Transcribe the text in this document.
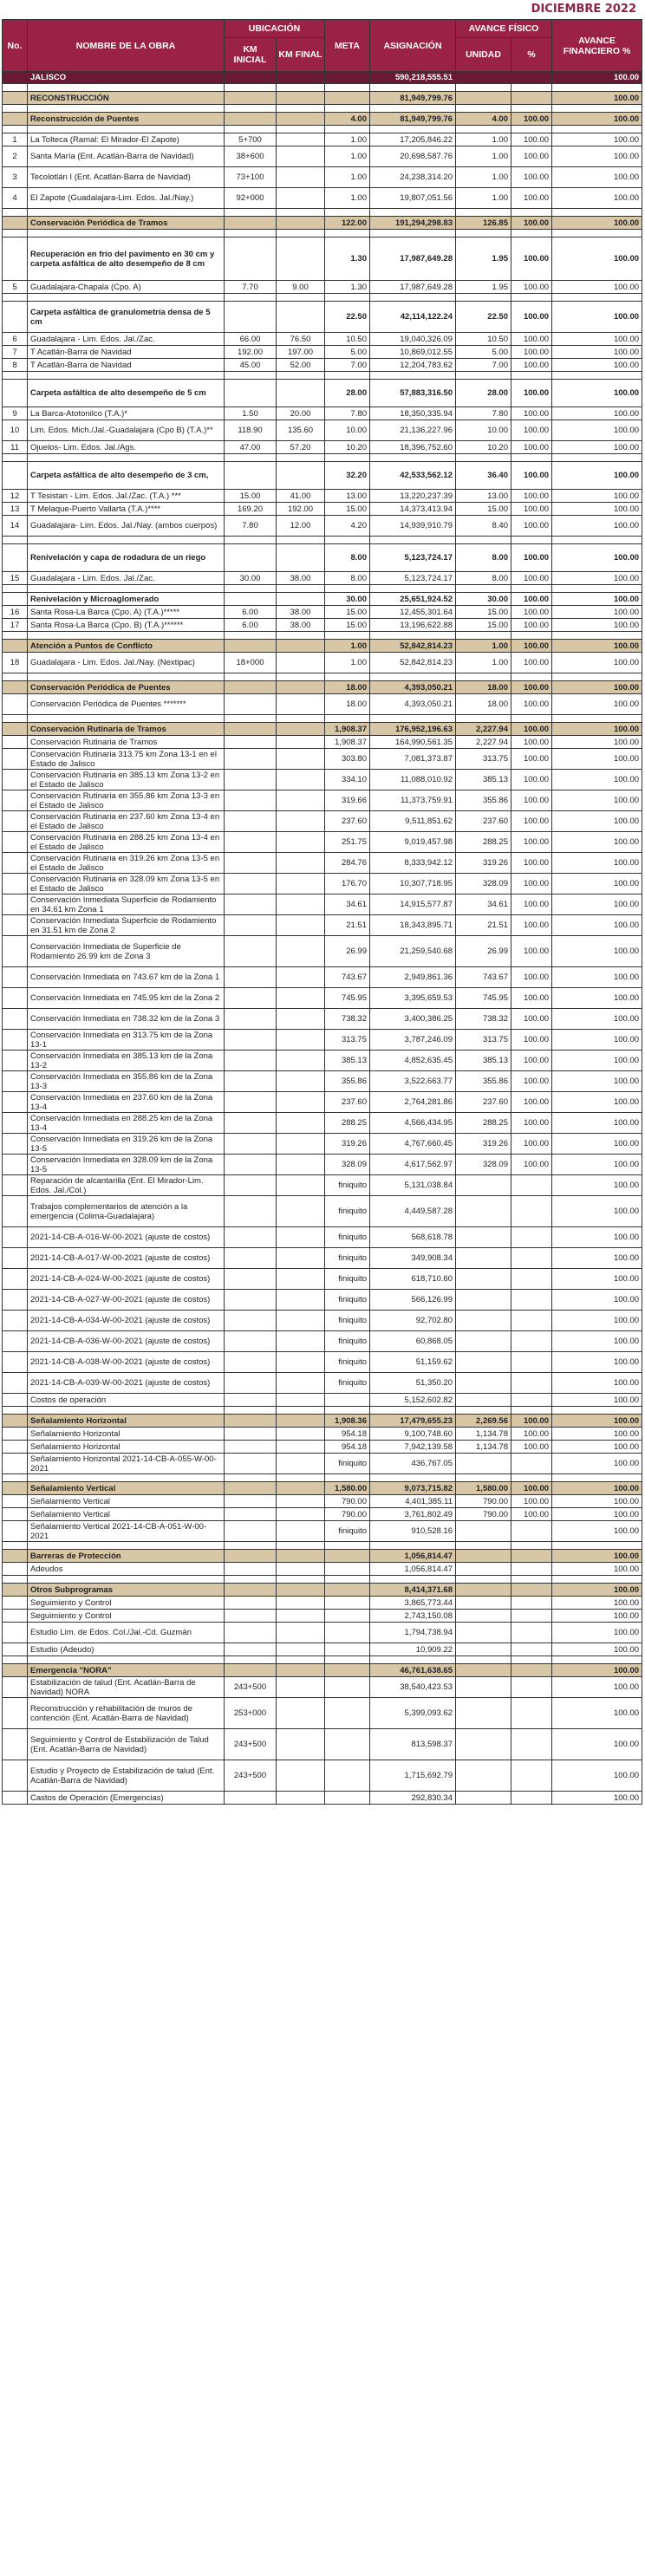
DICIEMBRE 2022
No.	NOMBRE DE LA OBRA	UBICACIÓN		META	ASIGNACIÓN	AVANCE FÍSICO		AVANCE FINANCIERO %
		KM INICIAL	KM FINAL			UNIDAD	%	
	JALISCO				590,218,555.51			100.00

	RECONSTRUCCIÓN				81,949,799.76			100.00

	Reconstrucción de Puentes			4.00	81,949,799.76	4.00	100.00	100.00

1	La Tolteca (Ramal: El Mirador-El Zapote)	5+700		1.00	17,205,846.22	1.00	100.00	100.00
2	Santa María (Ent. Acatlán-Barra de Navidad)	38+600		1.00	20,698,587.76	1.00	100.00	100.00
3	Tecolotlán I (Ent. Acatlán-Barra de Navidad)	73+100		1.00	24,238,314.20	1.00	100.00	100.00
4	El Zapote (Guadalajara-Lim. Edos. Jal./Nay.)	92+000		1.00	19,807,051.56	1.00	100.00	100.00

	Conservación Periódica de Tramos			122.00	191,294,298.83	126.85	100.00	100.00

	Recuperación en frío del pavimento en 30 cm y carpeta asfáltica de alto desempeño de 8 cm			1.30	17,987,649.28	1.95	100.00	100.00
5	Guadalajara-Chapala (Cpo. A)	7.70	9.00	1.30	17,987,649.28	1.95	100.00	100.00

	Carpeta asfáltica de granulometría densa de 5 cm			22.50	42,114,122.24	22.50	100.00	100.00
6	Guadalajara - Lim. Edos. Jal./Zac.	66.00	76.50	10.50	19,040,326.09	10.50	100.00	100.00
7	T Acatlán-Barra de Navidad	192.00	197.00	5.00	10,869,012.55	5.00	100.00	100.00
8	T Acatlán-Barra de Navidad	45.00	52.00	7.00	12,204,783.62	7.00	100.00	100.00

	Carpeta asfáltica de alto desempeño de 5 cm			28.00	57,883,316.50	28.00	100.00	100.00
9	La Barca-Atotonilco (T.A.)*	1.50	20.00	7.80	18,350,335.94	7.80	100.00	100.00
10	Lim. Edos. Mich./Jal.-Guadalajara (Cpo B) (T.A.)**	118.90	135.60	10.00	21,136,227.96	10.00	100.00	100.00
11	Ojuelos- Lim. Edos. Jal./Ags.	47.00	57.20	10.20	18,396,752.60	10.20	100.00	100.00

	Carpeta asfáltica de alto desempeño de 3 cm,			32.20	42,533,562.12	36.40	100.00	100.00
12	T Tesistan - Lim. Edos. Jal./Zac. (T.A.) ***	15.00	41.00	13.00	13,220,237.39	13.00	100.00	100.00
13	T Melaque-Puerto Vallarta (T.A.)****	169.20	192.00	15.00	14,373,413.94	15.00	100.00	100.00
14	Guadalajara- Lim. Edos. Jal./Nay. (ambos cuerpos)	7.80	12.00	4.20	14,939,910.79	8.40	100.00	100.00

	Renivelación y capa de rodadura de un riego			8.00	5,123,724.17	8.00	100.00	100.00
15	Guadalajara - Lim. Edos. Jal./Zac.	30.00	38.00	8.00	5,123,724.17	8.00	100.00	100.00

	Renivelación y Microaglomerado			30.00	25,651,924.52	30.00	100.00	100.00
16	Santa Rosa-La Barca (Cpo. A) (T.A.)*****	6.00	38.00	15.00	12,455,301.64	15.00	100.00	100.00
17	Santa Rosa-La Barca (Cpo. B) (T.A.)******	6.00	38.00	15.00	13,196,622.88	15.00	100.00	100.00

	Atención a Puntos de Conflicto			1.00	52,842,814.23	1.00	100.00	100.00
18	Guadalajara - Lim. Edos. Jal./Nay. (Nextipac)	18+000		1.00	52,842,814.23	1.00	100.00	100.00

	Conservación Periódica de Puentes			18.00	4,393,050.21	18.00	100.00	100.00
	Conservación Periódica de Puentes *******			18.00	4,393,050.21	18.00	100.00	100.00

	Conservación Rutinaria de Tramos			1,908.37	176,952,196.63	2,227.94	100.00	100.00
	Conservación Rutinaria de Tramos			1,908.37	164,990,561.35	2,227.94	100.00	100.00
	Conservación Rutinaria 313.75 km Zona 13-1 en el Estado de Jalisco			303.80	7,081,373.87	313.75	100.00	100.00
	Conservación Rutinaria en 385.13 km Zona 13-2 en el Estado de Jalisco			334.10	11,088,010.92	385.13	100.00	100.00
	Conservación Rutinaria en 355.86 km Zona 13-3 en el Estado de Jalisco			319.66	11,373,759.91	355.86	100.00	100.00
	Conservación Rutinaria en 237.60 km Zona 13-4 en el Estado de Jalisco			237.60	9,511,851.62	237.60	100.00	100.00
	Conservación Rutinaria en 288.25 km Zona 13-4 en el Estado de Jalisco			251.75	9,019,457.98	288.25	100.00	100.00
	Conservación Rutinaria en 319.26 km Zona 13-5 en el Estado de Jalisco			284.76	8,333,942.12	319.26	100.00	100.00
	Conservación Rutinaria en 328.09 km Zona 13-5 en el Estado de Jalisco			176.70	10,307,718.95	328.09	100.00	100.00
	Conservación Inmediata Superficie de Rodamiento en 34.61 km Zona 1			34.61	14,915,577.87	34.61	100.00	100.00
	Conservación Inmediata Superficie de Rodamiento en 31.51 km de Zona 2			21.51	18,343,895.71	21.51	100.00	100.00
	Conservación Inmediata de Superficie de Rodamiento 26.99 km de Zona 3			26.99	21,259,540.68	26.99	100.00	100.00
	Conservación Inmediata en 743.67 km de la Zona 1			743.67	2,949,861.36	743.67	100.00	100.00
	Conservación Inmediata en 745.95 km de la Zona 2			745.95	3,395,659.53	745.95	100.00	100.00
	Conservación Inmediata en 738.32 km de la Zona 3			738.32	3,400,386.25	738.32	100.00	100.00
	Conservación Inmediata en 313.75 km de la Zona 13-1			313.75	3,787,246.09	313.75	100.00	100.00
	Conservación Inmediata en 385.13 km de la Zona 13-2			385.13	4,852,635.45	385.13	100.00	100.00
	Conservación Inmediata en 355.86 km de la Zona 13-3			355.86	3,522,663.77	355.86	100.00	100.00
	Conservación Inmediata en 237.60 km de la Zona 13-4			237.60	2,764,281.86	237.60	100.00	100.00
	Conservación Inmediata en 288.25 km de la Zona 13-4			288.25	4,566,434.95	288.25	100.00	100.00
	Conservación Inmediata en 319.26 km de la Zona 13-5			319.26	4,767,660.45	319.26	100.00	100.00
	Conservación Inmediata en 328.09 km de la Zona 13-5			328.09	4,617,562.97	328.09	100.00	100.00
	Reparación de alcantarilla (Ent. El Mirador-Lim. Edos. Jal./Col.)			finiquito	5,131,038.84			100.00
	Trabajos complementarios de atención a la emergencia (Colima-Guadalajara)			finiquito	4,449,587.28			100.00
	2021-14-CB-A-016-W-00-2021 (ajuste de costos)			finiquito	568,618.78			100.00
	2021-14-CB-A-017-W-00-2021 (ajuste de costos)			finiquito	349,908.34			100.00
	2021-14-CB-A-024-W-00-2021 (ajuste de costos)			finiquito	618,710.60			100.00
	2021-14-CB-A-027-W-00-2021 (ajuste de costos)			finiquito	566,126.99			100.00
	2021-14-CB-A-034-W-00-2021 (ajuste de costos)			finiquito	92,702.80			100.00
	2021-14-CB-A-036-W-00-2021 (ajuste de costos)			finiquito	60,868.05			100.00
	2021-14-CB-A-038-W-00-2021 (ajuste de costos)			finiquito	51,159.62			100.00
	2021-14-CB-A-039-W-00-2021 (ajuste de costos)			finiquito	51,350.20			100.00
	Costos de operación				5,152,602.82			100.00

	Señalamiento Horizontal			1,908.36	17,479,655.23	2,269.56	100.00	100.00
	Señalamiento Horizontal			954.18	9,100,748.60	1,134.78	100.00	100.00
	Señalamiento Horizontal			954.18	7,942,139.58	1,134.78	100.00	100.00
	Señalamiento Horizontal 2021-14-CB-A-055-W-00-2021			finiquito	436,767.05			100.00

	Señalamiento Vertical			1,580.00	9,073,715.82	1,580.00	100.00	100.00
	Señalamiento Vertical			790.00	4,401,385.11	790.00	100.00	100.00
	Señalamiento Vertical			790.00	3,761,802.49	790.00	100.00	100.00
	Señalamiento Vertical 2021-14-CB-A-051-W-00-2021			finiquito	910,528.16			100.00

	Barreras de Protección				1,056,814.47			100.00
	Adeudos				1,056,814.47			100.00

	Otros Subprogramas				8,414,371.68			100.00
	Seguimiento y Control				3,865,773.44			100.00
	Seguimiento y Control				2,743,150.08			100.00
	Estudio Lim. de Edos. Col./Jal.-Cd. Guzmán				1,794,738.94			100.00
	Estudio (Adeudo)				10,909.22			100.00

	Emergencia "NORA"				46,761,638.65			100.00
	Estabilización de talud (Ent. Acatlán-Barra de Navidad) NORA	243+500			38,540,423.53			100.00
	Reconstrucción y rehabilitación de muros de contención (Ent. Acatlán-Barra de Navidad)	253+000			5,399,093.62			100.00
	Seguimiento y Control de Estabilización de Talud (Ent. Acatlán-Barra de Navidad)	243+500			813,598.37			100.00
	Estudio y Proyecto de Estabilización de talud (Ent. Acatlán-Barra de Navidad)	243+500			1,715,692.79			100.00
	Castos de Operación (Emergencias)				292,830.34			100.00
